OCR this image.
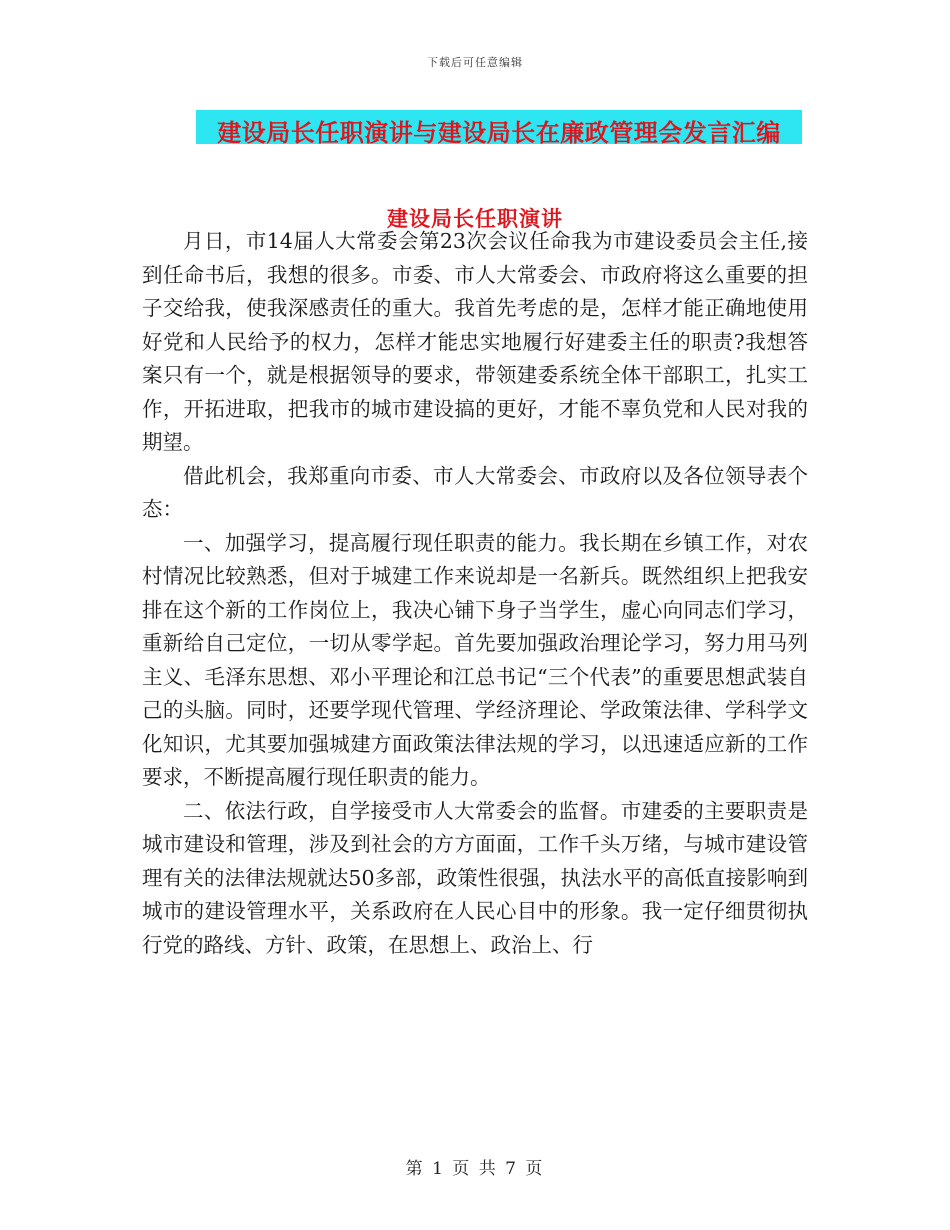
下载后可任意编辑
建设局长任职演讲与建设局长在廉政管理会发言汇编
建设局长任职演讲

月日，市14届人大常委会第23次会议任命我为市建设委员会主任,接到任命书后，我想的很多。市委、市人大常委会、市政府将这么重要的担子交给我，使我深感责任的重大。我首先考虑的是，怎样才能正确地使用好党和人民给予的权力，怎样才能忠实地履行好建委主任的职责?我想答案只有一个，就是根据领导的要求，带领建委系统全体干部职工，扎实工作，开拓进取，把我市的城市建设搞的更好，才能不辜负党和人民对我的期望。

借此机会，我郑重向市委、市人大常委会、市政府以及各位领导表个态：

一、加强学习，提高履行现任职责的能力。我长期在乡镇工作，对农村情况比较熟悉，但对于城建工作来说却是一名新兵。既然组织上把我安排在这个新的工作岗位上，我决心铺下身子当学生，虚心向同志们学习，重新给自己定位，一切从零学起。首先要加强政治理论学习，努力用马列主义、毛泽东思想、邓小平理论和江总书记“三个代表”的重要思想武装自己的头脑。同时，还要学现代管理、学经济理论、学政策法律、学科学文化知识，尤其要加强城建方面政策法律法规的学习，以迅速适应新的工作要求，不断提高履行现任职责的能力。

二、依法行政，自学接受市人大常委会的监督。市建委的主要职责是城市建设和管理，涉及到社会的方方面面，工作千头万绪，与城市建设管理有关的法律法规就达50多部，政策性很强，执法水平的高低直接影响到城市的建设管理水平，关系政府在人民心目中的形象。我一定仔细贯彻执行党的路线、方针、政策，在思想上、政治上、行

第 1 页 共 7 页
